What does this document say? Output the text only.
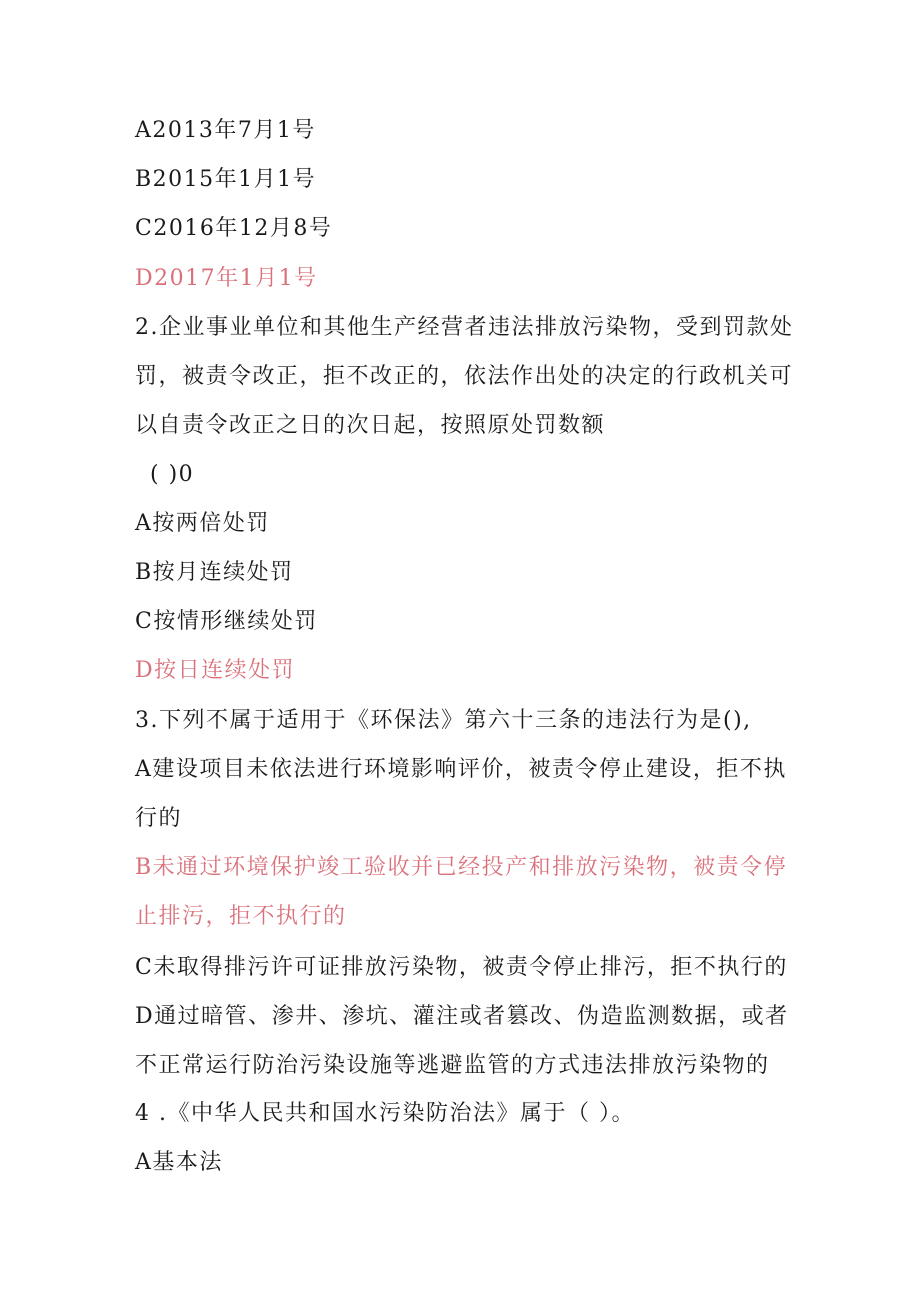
A2013年7月1号
B2015年1月1号
C2016年12月8号
D2017年1月1号
2.企业事业单位和其他生产经营者违法排放污染物，受到罚款处
罚，被责令改正，拒不改正的，依法作出处的决定的行政机关可
以自责令改正之日的次日起，按照原处罚数额
( )0
A按两倍处罚
B按月连续处罚
C按情形继续处罚
D按日连续处罚
3.下列不属于适用于《环保法》第六十三条的违法行为是(),
A建设项目未依法进行环境影响评价，被责令停止建设，拒不执
行的
B未通过环境保护竣工验收并已经投产和排放污染物，被责令停
止排污，拒不执行的
C未取得排污许可证排放污染物，被责令停止排污，拒不执行的
D通过暗管、渗井、渗坑、灌注或者篡改、伪造监测数据，或者
不正常运行防治污染设施等逃避监管的方式违法排放污染物的
4 .《中华人民共和国水污染防治法》属于（ ）。
A基本法
